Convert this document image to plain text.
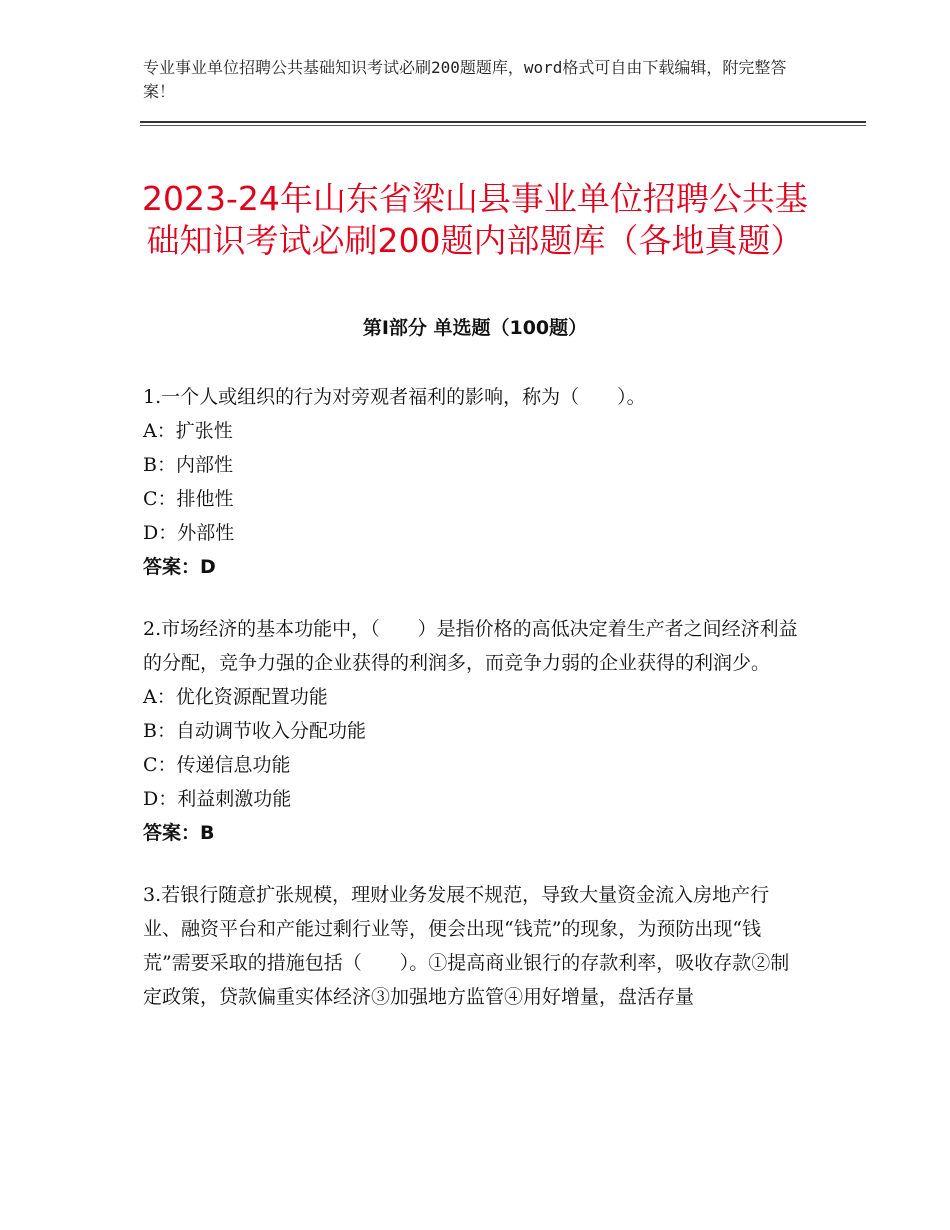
专业事业单位招聘公共基础知识考试必刷200题题库，word格式可自由下载编辑，附完整答案！
2023-24年山东省梁山县事业单位招聘公共基础知识考试必刷200题内部题库（各地真题）
第Ⅰ部分 单选题（100题）

1.一个人或组织的行为对旁观者福利的影响，称为（　　）。

A：扩张性

B：内部性

C：排他性

D：外部性

答案：D

2.市场经济的基本功能中，（　　）是指价格的高低决定着生产者之间经济利益的分配，竞争力强的企业获得的利润多，而竞争力弱的企业获得的利润少。

A：优化资源配置功能

B：自动调节收入分配功能

C：传递信息功能

D：利益刺激功能

答案：B

3.若银行随意扩张规模，理财业务发展不规范，导致大量资金流入房地产行业、融资平台和产能过剩行业等，便会出现“钱荒”的现象，为预防出现“钱荒”需要采取的措施包括（　　）。①提高商业银行的存款利率，吸收存款②制定政策，贷款偏重实体经济③加强地方监管④用好增量，盘活存量
